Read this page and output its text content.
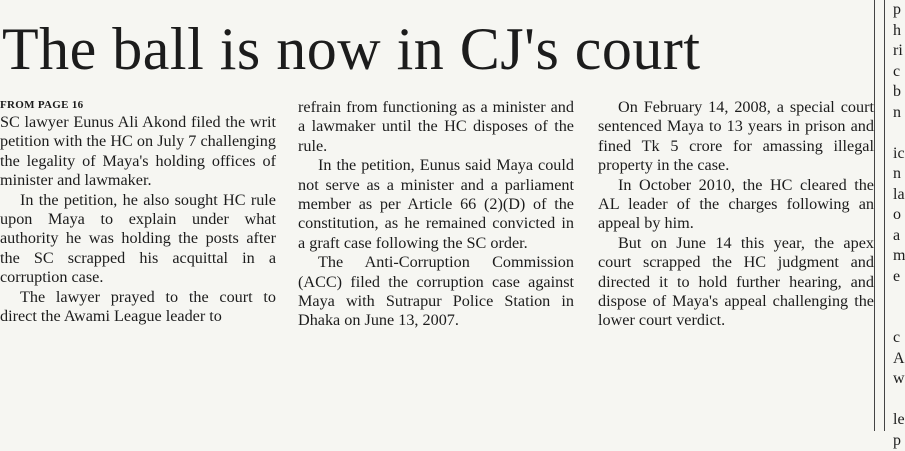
The ball is now in CJ's court
FROM PAGE 16

SC lawyer Eunus Ali Akond filed the writ petition with the HC on July 7 challenging the legality of Maya's holding offices of minister and lawmaker.

In the petition, he also sought HC rule upon Maya to explain under what authority he was holding the posts after the SC scrapped his acquittal in a corruption case.

The lawyer prayed to the court to direct the Awami League leader to

refrain from functioning as a minister and a lawmaker until the HC disposes of the rule.

In the petition, Eunus said Maya could not serve as a minister and a parliament member as per Article 66 (2)(D) of the constitution, as he remained convicted in a graft case following the SC order.

The Anti-Corruption Commission (ACC) filed the corruption case against Maya with Sutrapur Police Station in Dhaka on June 13, 2007.

On February 14, 2008, a special court sentenced Maya to 13 years in prison and fined Tk 5 crore for amassing illegal property in the case.

In October 2010, the HC cleared the AL leader of the charges following an appeal by him.

But on June 14 this year, the apex court scrapped the HC judgment and directed it to hold further hearing, and dispose of Maya's appeal challenging the lower court verdict.

p
h
ri
c
b
n

ic
n
la
o
a
m
e

c
A
w

le
p
